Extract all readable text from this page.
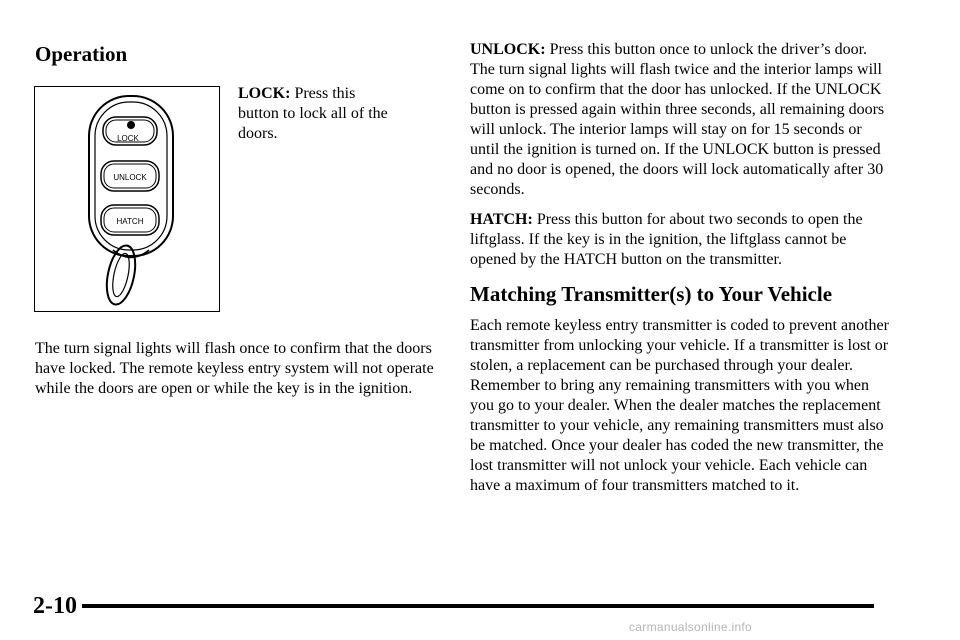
Operation
LOCK
UNLOCK
HATCH

LOCK: Press this button to lock all of the doors.

The turn signal lights will flash once to confirm that the doors have locked. The remote keyless entry system will not operate while the doors are open or while the key is in the ignition.

UNLOCK: Press this button once to unlock the driver’s door. The turn signal lights will flash twice and the interior lamps will come on to confirm that the door has unlocked. If the UNLOCK button is pressed again within three seconds, all remaining doors will unlock. The interior lamps will stay on for 15 seconds or until the ignition is turned on. If the UNLOCK button is pressed and no door is opened, the doors will lock automatically after 30 seconds.

HATCH: Press this button for about two seconds to open the liftglass. If the key is in the ignition, the liftglass cannot be opened by the HATCH button on the transmitter.

Matching Transmitter(s) to Your Vehicle

Each remote keyless entry transmitter is coded to prevent another transmitter from unlocking your vehicle. If a transmitter is lost or stolen, a replacement can be purchased through your dealer. Remember to bring any remaining transmitters with you when you go to your dealer. When the dealer matches the replacement transmitter to your vehicle, any remaining transmitters must also be matched. Once your dealer has coded the new transmitter, the lost transmitter will not unlock your vehicle. Each vehicle can have a maximum of four transmitters matched to it.

2-10
carmanualsonline.info
